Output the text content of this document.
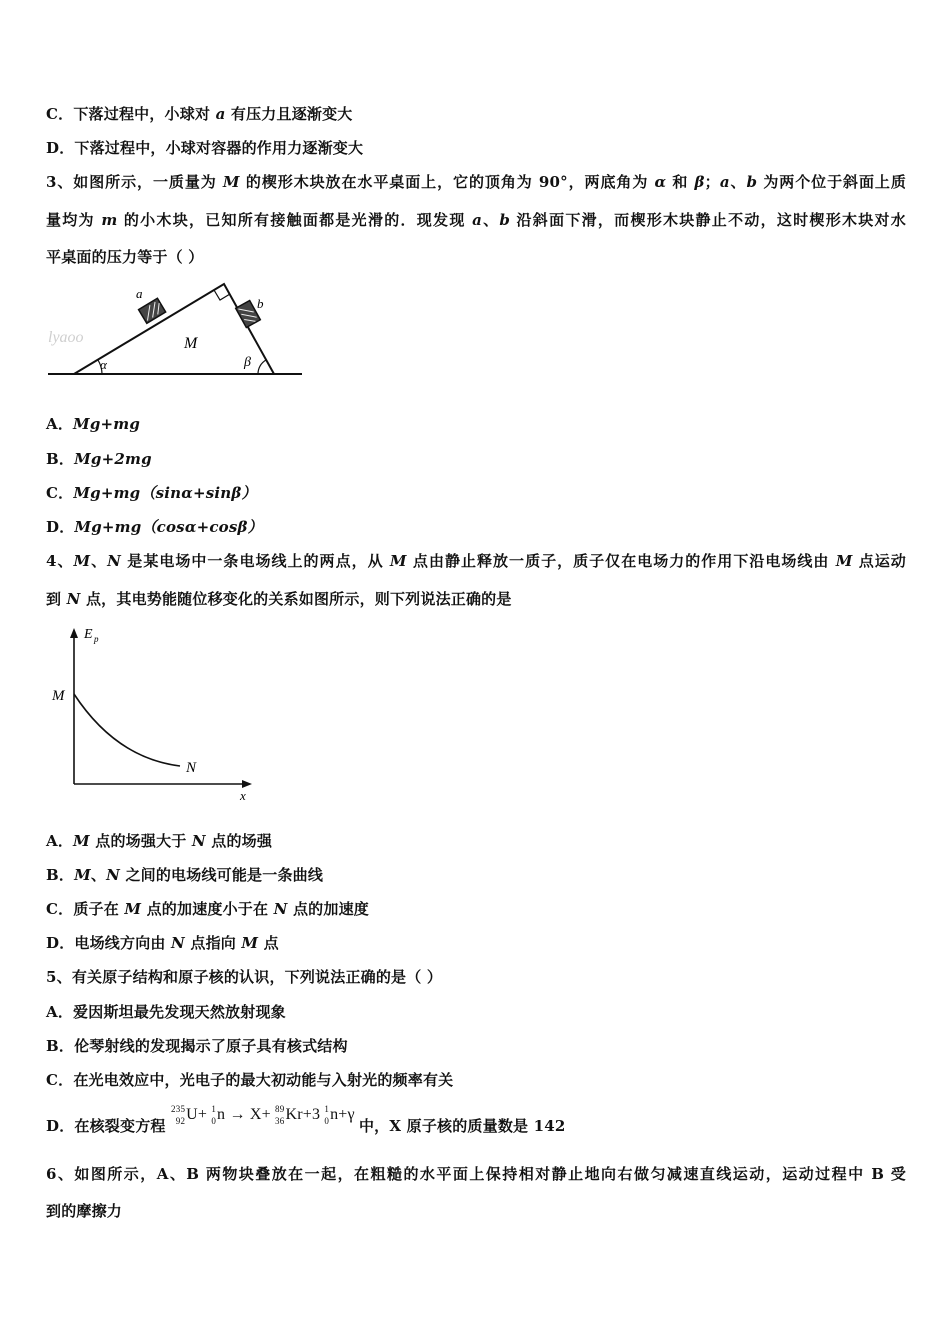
C．下落过程中，小球对 a 有压力且逐渐变大
D．下落过程中，小球对容器的作用力逐渐变大
3、如图所示，一质量为 M 的楔形木块放在水平桌面上，它的顶角为 90°，两底角为 α 和 β；a、b 为两个位于斜面上质
量均为 m 的小木块，已知所有接触面都是光滑的．现发现 a、b 沿斜面下滑，而楔形木块静止不动，这时楔形木块对水
平桌面的压力等于（ ）
lyaoo
a
b
M
α	β
A．Mg+mg
B．Mg+2mg
C．Mg+mg（sinα+sinβ）
D．Mg+mg（cosα+cosβ）
4、M、N 是某电场中一条电场线上的两点，从 M 点由静止释放一质子，质子仅在电场力的作用下沿电场线由 M 点运动
到 N 点，其电势能随位移变化的关系如图所示，则下列说法正确的是
E p
x
M
N
A．M 点的场强大于 N 点的场强
B．M、N 之间的电场线可能是一条曲线
C．质子在 M 点的加速度小于在 N 点的加速度
D．电场线方向由 N 点指向 M 点
5、有关原子结构和原子核的认识，下列说法正确的是（ ）
A．爱因斯坦最先发现天然放射现象
B．伦琴射线的发现揭示了原子具有核式结构
C．在光电效应中，光电子的最大初动能与入射光的频率有关
D．在核裂变方程
235
92 U+ 1
0 n → X+ 89
36 Kr+3 1
0 n+γ 中，X 原子核的质量数是 142
6、如图所示，A、B 两物块叠放在一起，在粗糙的水平面上保持相对静止地向右做匀减速直线运动，运动过程中 B 受
到的摩擦力
